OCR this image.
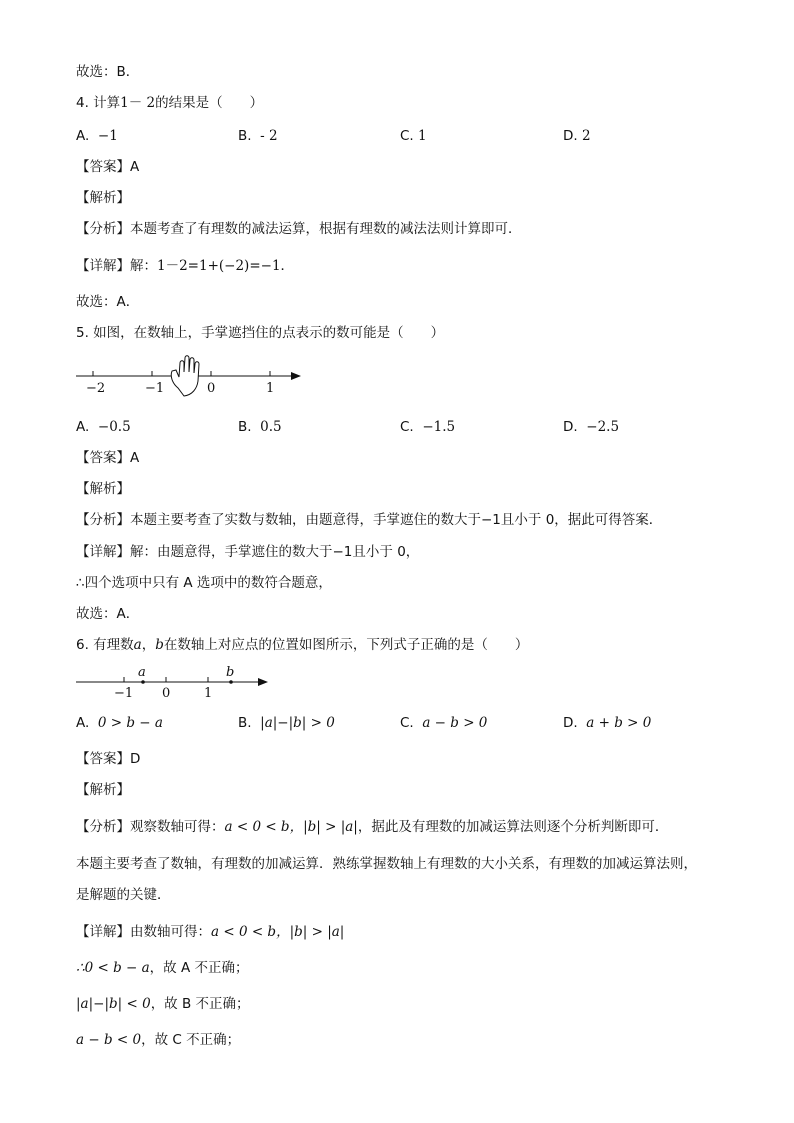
故选：B．
4. 计算1－ 2的结果是（　　）
A. −1	B. - 2	C. 1	D. 2
【答案】A
【解析】
【分析】本题考查了有理数的减法运算，根据有理数的减法法则计算即可．
【详解】解：1－2=1+(−2)=−1．
故选：A．
5. 如图，在数轴上，手掌遮挡住的点表示的数可能是（　　）
−2	−1	0	1
A. −0.5	B. 0.5	C. −1.5	D. −2.5
【答案】A
【解析】
【分析】本题主要考查了实数与数轴，由题意得，手掌遮住的数大于−1且小于 0，据此可得答案．
【详解】解：由题意得，手掌遮住的数大于−1且小于 0，
∴四个选项中只有 A 选项中的数符合题意，
故选：A．
6. 有理数a，b在数轴上对应点的位置如图所示，下列式子正确的是（　　）
a	b
−1 0	1
A. 0 > b − a	B. |a|−|b| > 0	C. a − b > 0	D. a + b > 0
【答案】D
【解析】
【分析】观察数轴可得：a < 0 < b，|b| > |a|，据此及有理数的加减运算法则逐个分析判断即可．
本题主要考查了数轴，有理数的加减运算．熟练掌握数轴上有理数的大小关系，有理数的加减运算法则，
是解题的关键．
【详解】由数轴可得：a < 0 < b，|b| > |a|
∴0 < b − a，故 A 不正确；
|a|−|b| < 0，故 B 不正确；
a − b < 0，故 C 不正确；
